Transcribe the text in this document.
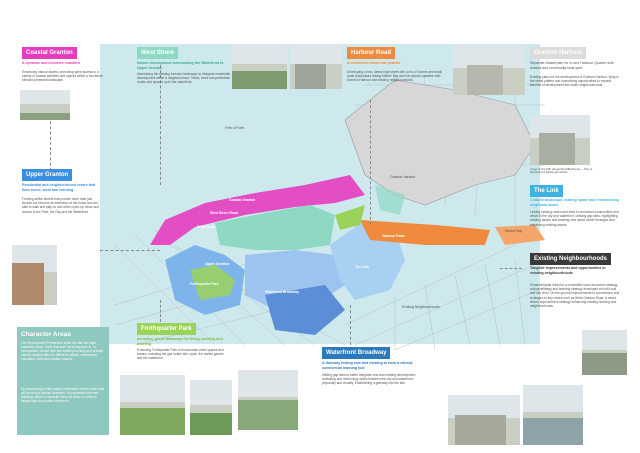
Coastal Granton
West Shore Road
West Shore
Harbour Road
Upper Granton
Forthquarter Park
Waterfront Broadway
The Link
Existing Neighbourhoods
Firth of Forth
Granton Harbour
Marine Bay
Coastal Granton
A dynamic and inclusive coastline
Enhancing natural assets, promoting open access to a variety of coastal activities and spaces within a functional blended protected landscape.
West Shore
Nature development surrounding the Waterfront to Upper Granton
Maximising the existing forested landscape to integrate residential development within a neighbourhood. Views, trees and pedestrian routes and spaces up to the waterfront.
Harbour Road
A connected mixed use quarter
Developing a new, dense high street with a mix of homes and small scale businesses linking Marine Bay and the natural coastline with Granton Harbour and existing neighbourhoods.
Granton Harbour
Separate Masterplan for a new Harbour Quarter with marina and community boat yard.
Existing plans for the development of Granton Harbour, tying in the street pattern and maximising opportunities to expand benefits of development into wider neighbourhoods.
Image of The Fifth Hangar/Shed/Boathouse — Plan of Development Edinburgh Harbour
Upper Granton
Residential and neighbourhood centre that lives home, work and learning.
Forming active streets that provide more than just access but become an extension of the home and are safe to walk and play on and which open up views and access to the Park, the City and the Waterfront.
The Link
Cultural landscape, making space and reconnecting neighbourhoods
Linking existing routes and sites to reconnect communities and views to the city and waterfront, utilising gap sites, highlighting existing assets and creating new active street frontages and enhancing existing assets.
Existing Neighbourhoods
Tangible improvements and opportunities in existing neighbourhoods
Enhancements linked to a committed socio-economic strategy, culture strategy and learning strategy developed at both local and city level. On the ground improvements to connections and frontages to key routes such as West Granton Road. A mixed tenure improvement strategy enhancing existing housing and neighbourhoods.
Character Areas
The Development Framework splits the site into eight character areas. Each character area responds to, or incorporates, dense new and existing housing and provide various opportunities for different cultural, commercial, education, work and outdoor spaces.
By responding to their unique immediate context each area will develop a distinct character. It is expected that new buildings within a character area will share a common design style to provide coherence.
Forthquarter Park
An active, green landscape for living, working and learning.
Extending Forthquarter Park to incorporate urban spaces and breaks, including the gas holder site, cycle, the walled garden and the waterfront.
Waterfront Broadway
A Gateway linking new and existing to form a vibrant, commercial learning hub
Infilling gap sites to better integrate new and existing development. Activating and reinforcing routes between the city and waterfront, physically and visually. Establishing a gateway into the site.
